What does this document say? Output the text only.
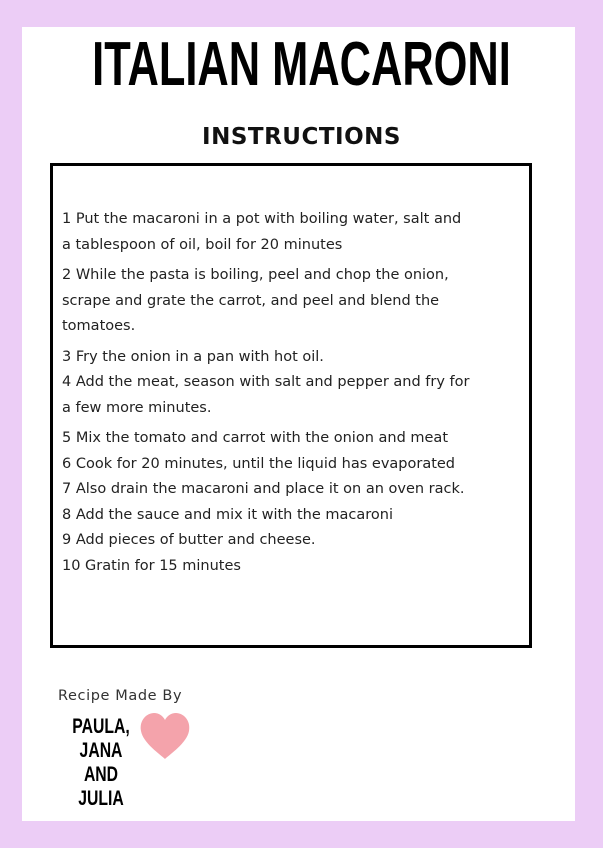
ITALIAN MACARONI
INSTRUCTIONS
1 Put the macaroni in a pot with boiling water, salt and
a tablespoon of oil, boil for 20 minutes
2 While the pasta is boiling, peel and chop the onion,
scrape and grate the carrot, and peel and blend the
tomatoes.
3 Fry the onion in a pan with hot oil.
4 Add the meat, season with salt and pepper and fry for
a few more minutes.
5 Mix the tomato and carrot with the onion and meat
6 Cook for 20 minutes, until the liquid has evaporated
7 Also drain the macaroni and place it on an oven rack.
8 Add the sauce and mix it with the macaroni
9 Add pieces of butter and cheese.
10 Gratin for 15 minutes
Recipe Made By
PAULA,
JANA
AND JULIA
